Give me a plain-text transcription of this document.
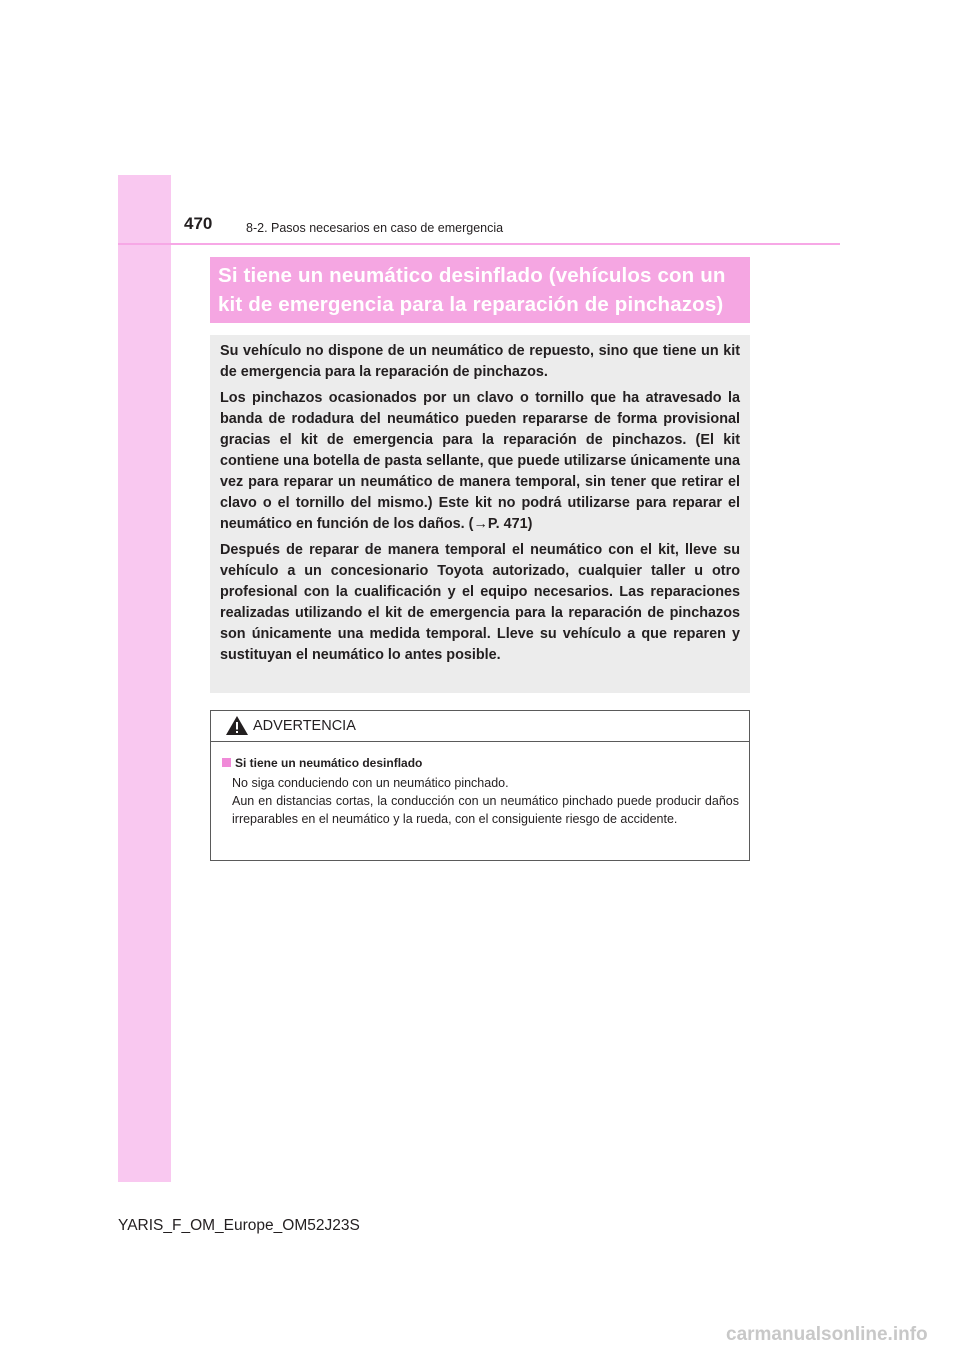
470	8-2. Pasos necesarios en caso de emergencia
Si tiene un neumático desinflado (vehículos con un
kit de emergencia para la reparación de pinchazos)

Su vehículo no dispone de un neumático de repuesto, sino que tiene un kit de emergencia para la reparación de pinchazos.

Los pinchazos ocasionados por un clavo o tornillo que ha atravesado la banda de rodadura del neumático pueden repararse de forma provisional gracias el kit de emergencia para la reparación de pinchazos. (El kit contiene una botella de pasta sellante, que puede utilizarse únicamente una vez para reparar un neumático de manera temporal, sin tener que retirar el clavo o el tornillo del mismo.) Este kit no podrá utilizarse para reparar el neumático en función de los daños. (→P. 471)

Después de reparar de manera temporal el neumático con el kit, lleve su vehículo a un concesionario Toyota autorizado, cualquier taller u otro profesional con la cualificación y el equipo necesarios. Las reparaciones realizadas utilizando el kit de emergencia para la reparación de pinchazos son únicamente una medida temporal. Lleve su vehículo a que reparen y sustituyan el neumático lo antes posible.

ADVERTENCIA
Si tiene un neumático desinflado
No siga conduciendo con un neumático pinchado.
Aun en distancias cortas, la conducción con un neumático pinchado puede producir daños irreparables en el neumático y la rueda, con el consiguiente riesgo de accidente.
YARIS_F_OM_Europe_OM52J23S
carmanualsonline.info
